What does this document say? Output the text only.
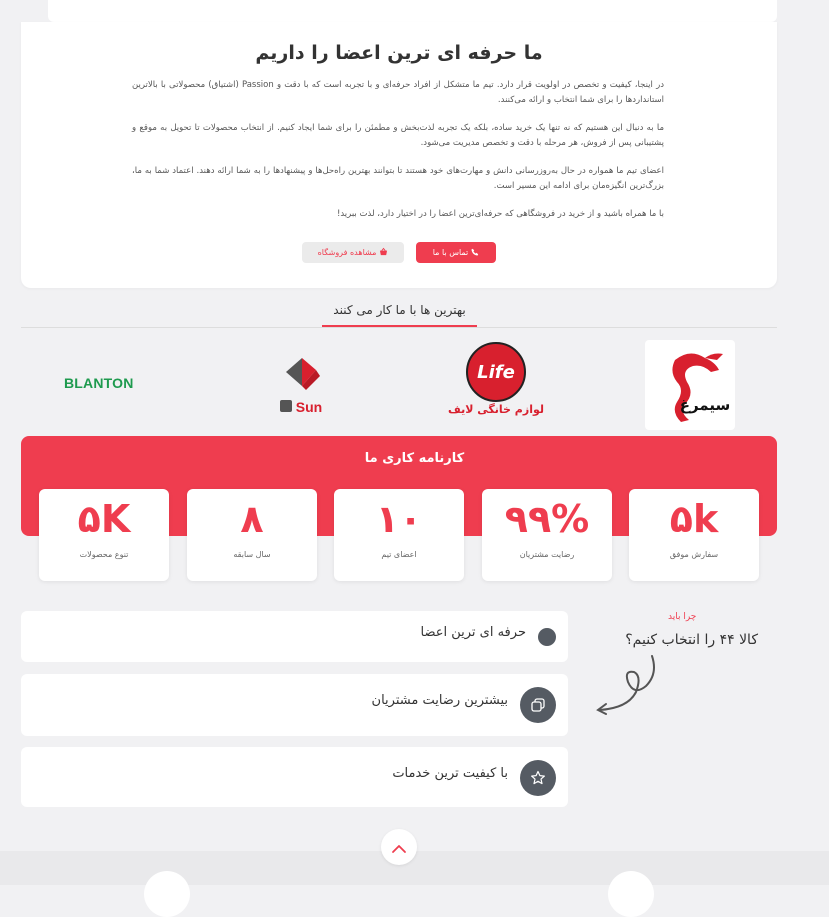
ما حرفه ای ترین اعضا را داریم

در اینجا، کیفیت و تخصص در اولویت قرار دارد. تیم ما متشکل از افراد حرفه‌ای و با تجربه است که با دقت و Passion (اشتیاق) محصولاتی با بالاترین استانداردها را برای شما انتخاب و ارائه می‌کنند.

ما به دنبال این هستیم که نه تنها یک خرید ساده، بلکه یک تجربه لذت‌بخش و مطمئن را برای شما ایجاد کنیم. از انتخاب محصولات تا تحویل به موقع و پشتیبانی پس از فروش، هر مرحله با دقت و تخصص مدیریت می‌شود.

اعضای تیم ما همواره در حال به‌روزرسانی دانش و مهارت‌های خود هستند تا بتوانند بهترین راه‌حل‌ها و پیشنهادها را به شما ارائه دهند. اعتماد شما به ما، بزرگ‌ترین انگیزه‌مان برای ادامه این مسیر است.

با ما همراه باشید و از خرید در فروشگاهی که حرفه‌ای‌ترین اعضا را در اختیار دارد، لذت ببرید!

تماس با ما
مشاهده فروشگاه
بهترین ها با ما کار می کنند
سیمرغ
Life
لوازم خانگی لایف
Sun
BLANTON
کارنامه کاری ما
۵k
سفارش موفق
۹۹%
رضایت مشتریان
۱۰
اعضای تیم
۸
سال سابقه
۵K
تنوع محصولات
چرا باید
کالا ۴۴ را انتخاب کنیم؟
حرفه ای ترین اعضا
بیشترین رضایت مشتریان
با کیفیت ترین خدمات
